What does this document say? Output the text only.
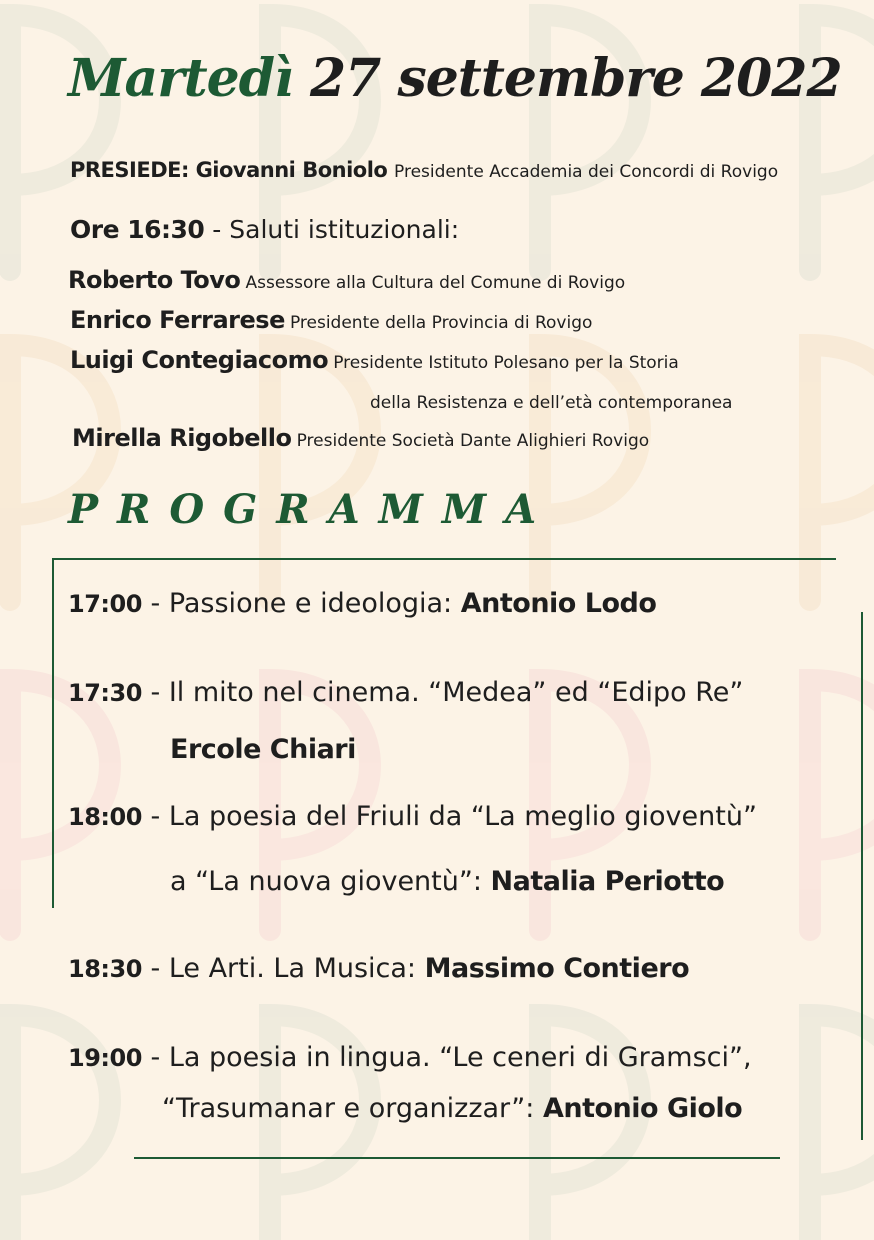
Martedì 27 settembre 2022
PRESIEDE: Giovanni Boniolo Presidente Accademia dei Concordi di Rovigo
Ore 16:30 - Saluti istituzionali:
Roberto Tovo Assessore alla Cultura del Comune di Rovigo
Enrico Ferrarese Presidente della Provincia di Rovigo
Luigi Contegiacomo Presidente Istituto Polesano per la Storia
della Resistenza e dell’età contemporanea
Mirella Rigobello Presidente Società Dante Alighieri Rovigo
PROGRAMMA
17:00 - Passione e ideologia: Antonio Lodo
17:30 - Il mito nel cinema. “Medea” ed “Edipo Re”
Ercole Chiari
18:00 - La poesia del Friuli da “La meglio gioventù”
a “La nuova gioventù”: Natalia Periotto
18:30 - Le Arti. La Musica: Massimo Contiero
19:00 - La poesia in lingua. “Le ceneri di Gramsci”,
“Trasumanar e organizzar”: Antonio Giolo
